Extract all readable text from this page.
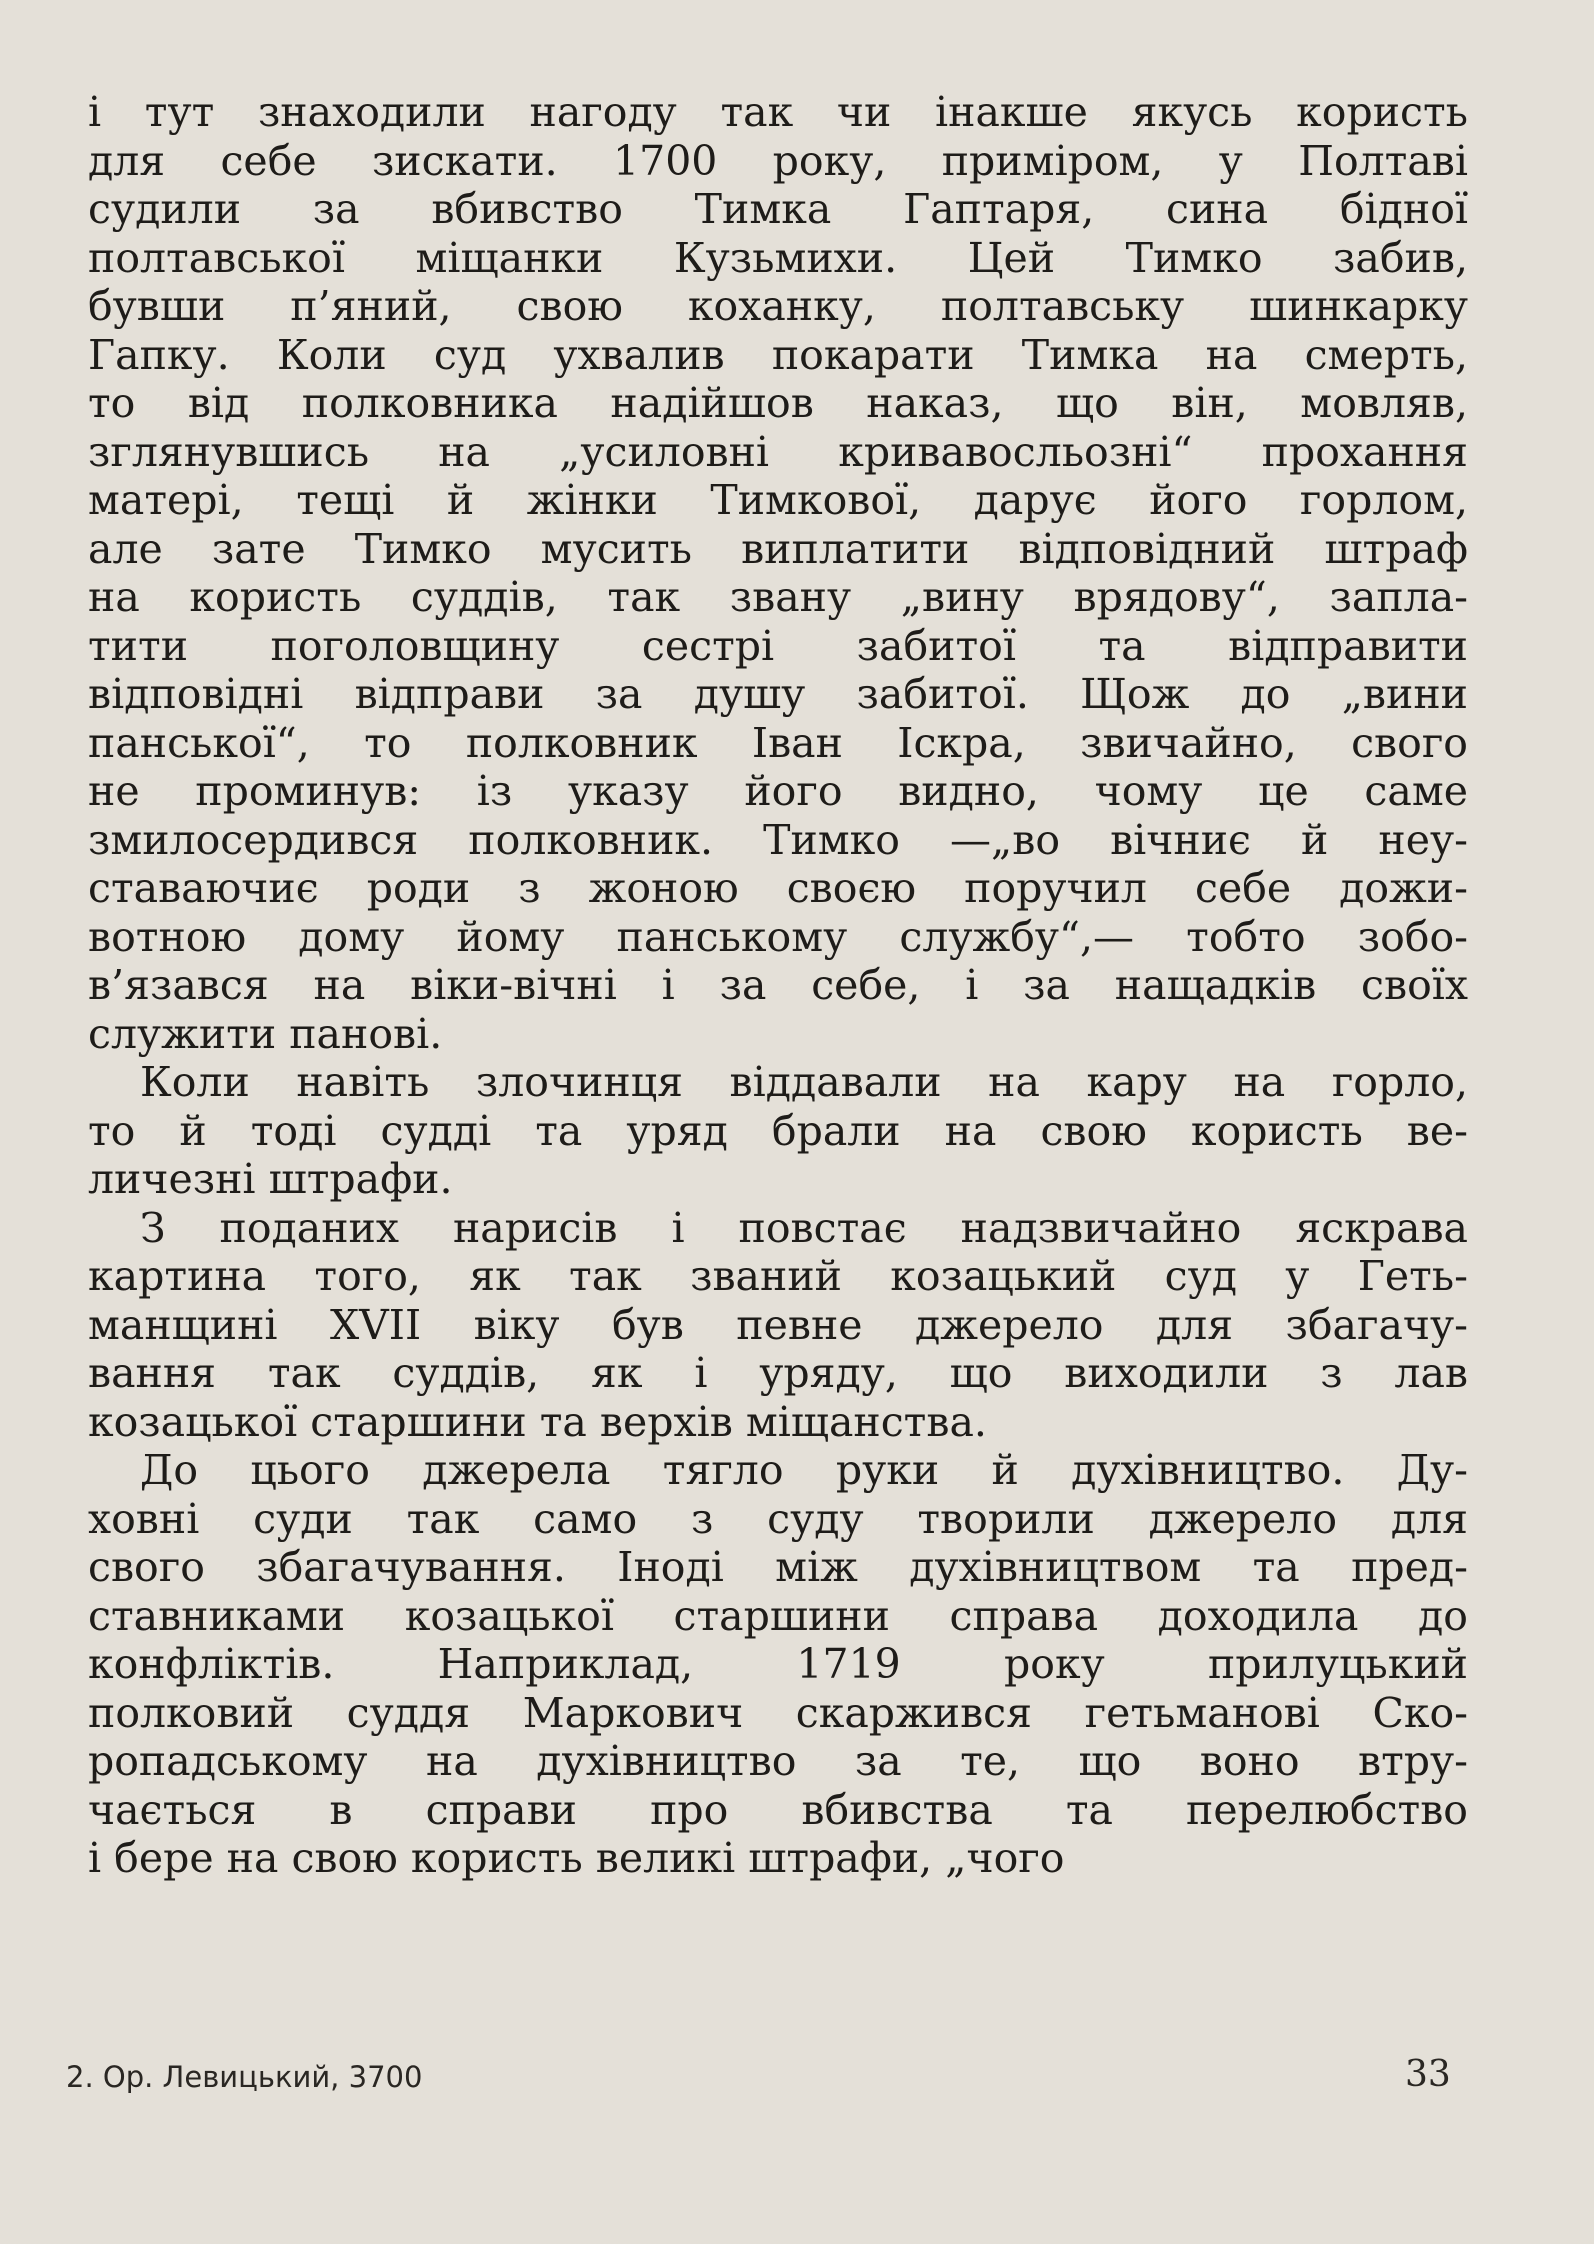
і тут знаходили нагоду так чи інакше якусь користь
для себе зискати. 1700 року, приміром, у Полтаві
судили за вбивство Тимка Гаптаря, сина бідної
полтавської міщанки Кузьмихи. Цей Тимко забив,
бувши п’яний, свою коханку, полтавську шинкарку
Гапку. Коли суд ухвалив покарати Тимка на смерть,
то від полковника надійшов наказ, що він, мовляв,
зглянувшись на „усиловні кривавосльозні“ прохання
матері, тещі й жінки Тимкової, дарує його горлом,
але зате Тимко мусить виплатити відповідний штраф
на користь суддів, так звану „вину врядову“, запла-
тити поголовщину сестрі забитої та відправити
відповідні відправи за душу забитої. Щож до „вини
панської“, то полковник Іван Іскра, звичайно, свого
не проминув: із указу його видно, чому це саме
змилосердився полковник. Тимко —„во вічниє й неу-
ставаючиє роди з жоною своєю поручил себе дожи-
вотною дому йому панському службу“,— тобто зобо-
в’язався на віки-вічні і за себе, і за нащадків своїх
служити панові.
Коли навіть злочинця віддавали на кару на горло,
то й тоді судді та уряд брали на свою користь ве-
личезні штрафи.
З поданих нарисів і повстає надзвичайно яскрава
картина того, як так званий козацький суд у Геть-
манщині XVII віку був певне джерело для збагачу-
вання так суддів, як і уряду, що виходили з лав
козацької старшини та верхів міщанства.
До цього джерела тягло руки й духівництво. Ду-
ховні суди так само з суду творили джерело для
свого збагачування. Іноді між духівництвом та пред-
ставниками козацької старшини справа доходила до
конфліктів. Наприклад, 1719 року прилуцький
полковий суддя Маркович скаржився гетьманові Ско-
ропадському на духівництво за те, що воно втру-
чається в справи про вбивства та перелюбство
і бере на свою користь великі штрафи, „чого
2. Ор. Левицький, 3700	33
